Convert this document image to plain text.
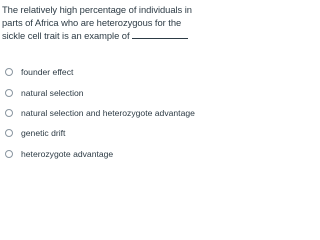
The relatively high percentage of individuals in parts of Africa who are heterozygous for the sickle cell trait is an example of

founder effect
natural selection
natural selection and heterozygote advantage
genetic drift
heterozygote advantage
